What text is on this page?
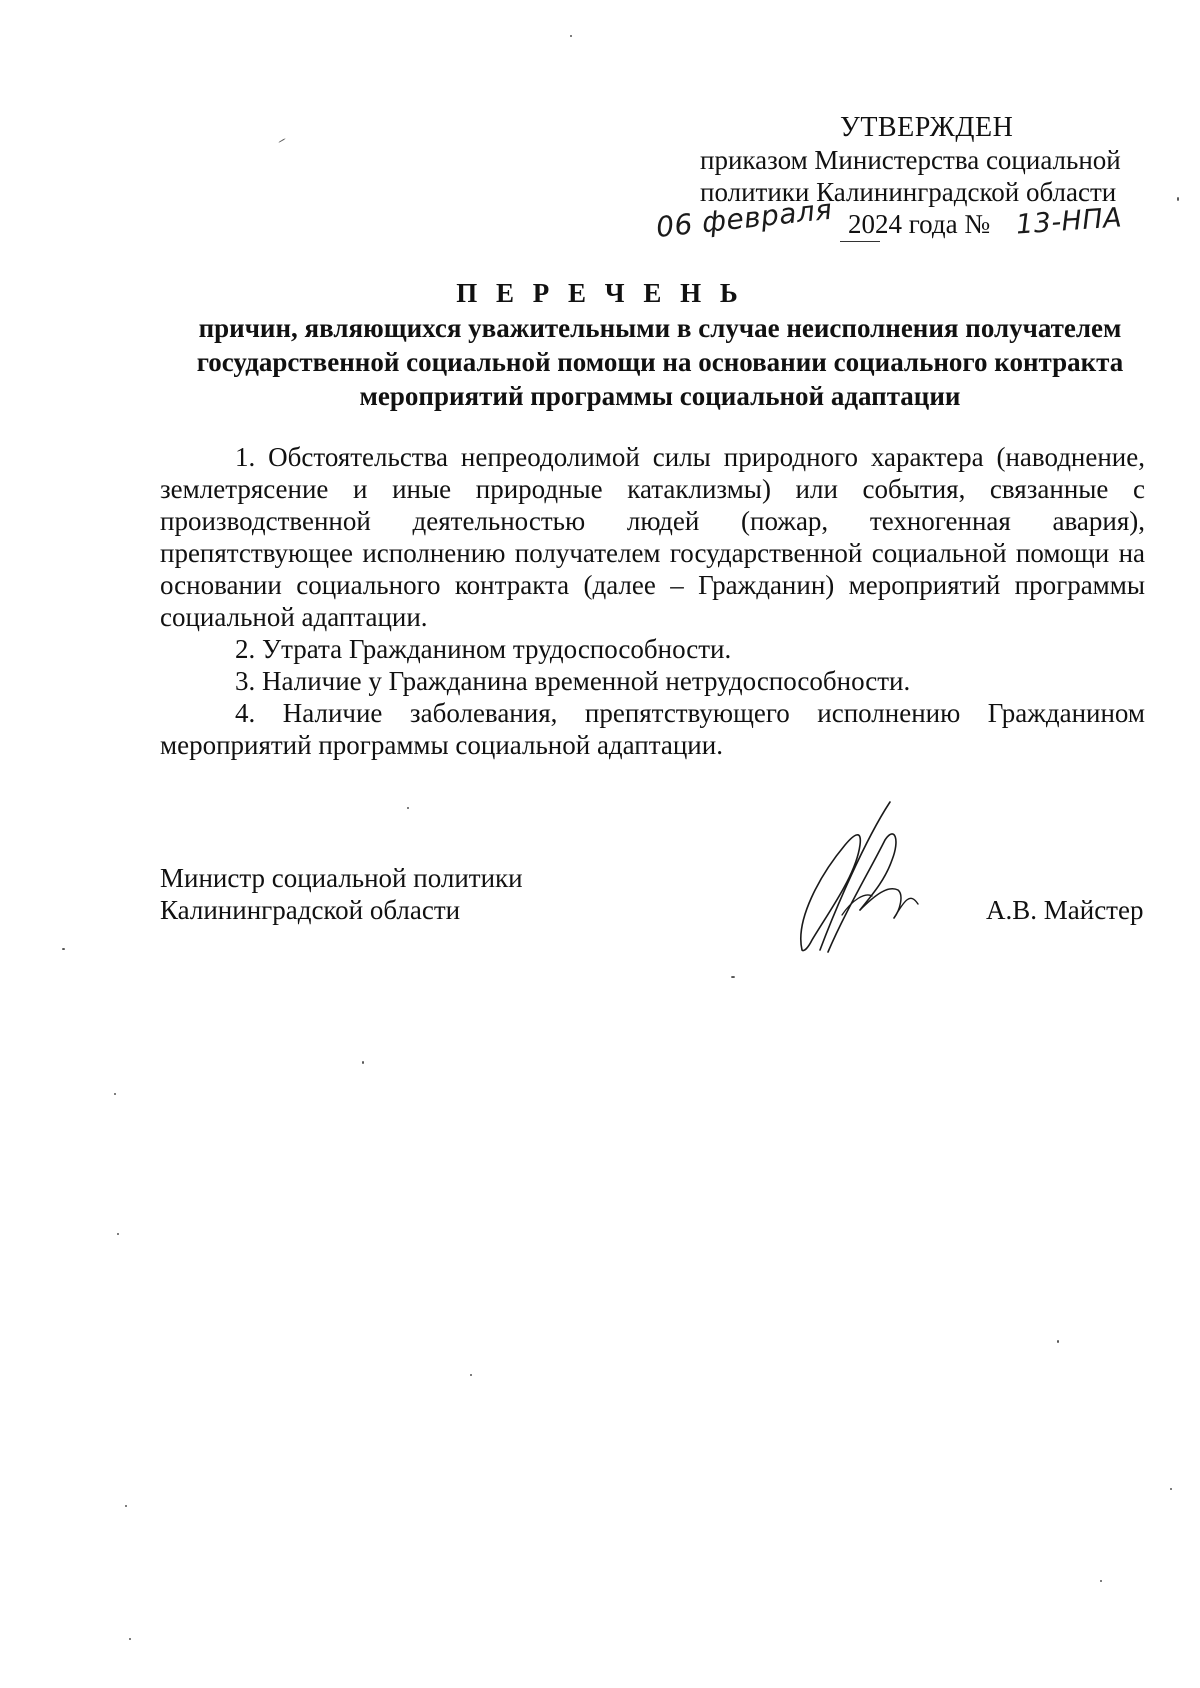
УТВЕРЖДЕН
приказом Министерства социальной
политики Калининградской области
06 февраля 2024 года № 13-НПА
П Е Р Е Ч Е Н Ь
причин, являющихся уважительными в случае неисполнения получателем
государственной социальной помощи на основании социального контракта
мероприятий программы социальной адаптации

1. Обстоятельства непреодолимой силы природного характера (наводнение, землетрясение и иные природные катаклизмы) или события, связанные с производственной деятельностью людей (пожар, техногенная авария), препятствующее исполнению получателем государственной социальной помощи на основании социального контракта (далее – Гражданин) мероприятий программы социальной адаптации.

2. Утрата Гражданином трудоспособности.

3. Наличие у Гражданина временной нетрудоспособности.

4. Наличие заболевания, препятствующего исполнению Гражданином мероприятий программы социальной адаптации.

Министр социальной политики
Калининградской области	А.В. Майстер
